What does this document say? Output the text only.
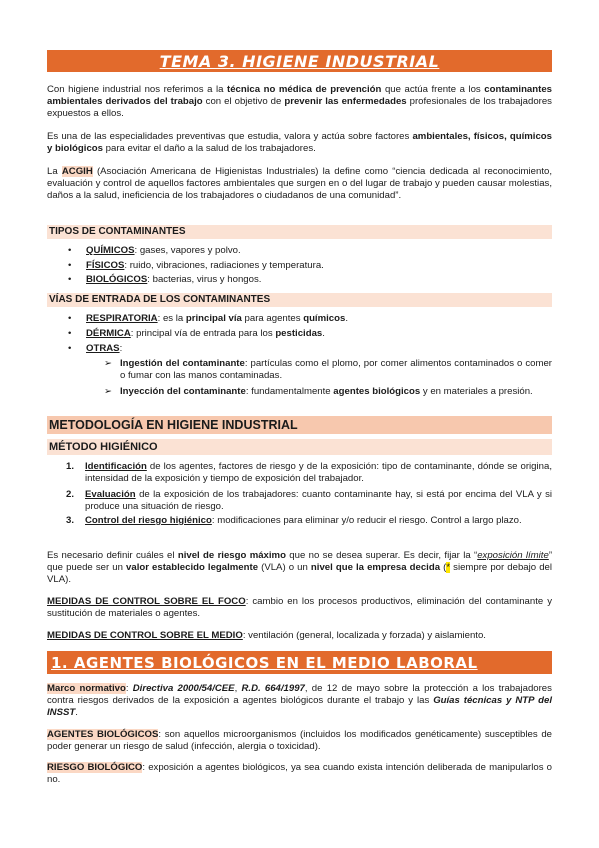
TEMA 3. HIGIENE INDUSTRIAL

Con higiene industrial nos referimos a la técnica no médica de prevención que actúa frente a los contaminantes ambientales derivados del trabajo con el objetivo de prevenir las enfermedades profesionales de los trabajadores expuestos a ellos.

Es una de las especialidades preventivas que estudia, valora y actúa sobre factores ambientales, físicos, químicos y biológicos para evitar el daño a la salud de los trabajadores.

La ACGIH (Asociación Americana de Higienistas Industriales) la define como “ciencia dedicada al reconocimiento, evaluación y control de aquellos factores ambientales que surgen en o del lugar de trabajo y pueden causar molestias, daños a la salud, ineficiencia de los trabajadores o ciudadanos de una comunidad”.

TIPOS DE CONTAMINANTES
• QUÍMICOS: gases, vapores y polvo.
• FÍSICOS: ruido, vibraciones, radiaciones y temperatura.
• BIOLÓGICOS: bacterias, virus y hongos.
VÍAS DE ENTRADA DE LOS CONTAMINANTES
• RESPIRATORIA: es la principal vía para agentes químicos.
• DÉRMICA: principal vía de entrada para los pesticidas.
• OTRAS:
➢ Ingestión del contaminante: partículas como el plomo, por comer alimentos contaminados o comer o fumar con las manos contaminadas.
➢ Inyección del contaminante: fundamentalmente agentes biológicos y en materiales a presión.
METODOLOGÍA EN HIGIENE INDUSTRIAL
MÉTODO HIGIÉNICO
1. Identificación de los agentes, factores de riesgo y de la exposición: tipo de contaminante, dónde se origina, intensidad de la exposición y tiempo de exposición del trabajador.
2. Evaluación de la exposición de los trabajadores: cuanto contaminante hay, si está por encima del VLA y si produce una situación de riesgo.
3. Control del riesgo higiénico: modificaciones para eliminar y/o reducir el riesgo. Control a largo plazo.

Es necesario definir cuáles el nivel de riesgo máximo que no se desea superar. Es decir, fijar la “exposición límite” que puede ser un valor establecido legalmente (VLA) o un nivel que la empresa decida (* siempre por debajo del VLA).

MEDIDAS DE CONTROL SOBRE EL FOCO: cambio en los procesos productivos, eliminación del contaminante y sustitución de materiales o agentes.

MEDIDAS DE CONTROL SOBRE EL MEDIO: ventilación (general, localizada y forzada) y aislamiento.

1. AGENTES BIOLÓGICOS EN EL MEDIO LABORAL

Marco normativo: Directiva 2000/54/CEE, R.D. 664/1997, de 12 de mayo sobre la protección a los trabajadores contra riesgos derivados de la exposición a agentes biológicos durante el trabajo y las Guías técnicas y NTP del INSST.

AGENTES BIOLÓGICOS: son aquellos microorganismos (incluidos los modificados genéticamente) susceptibles de poder generar un riesgo de salud (infección, alergia o toxicidad).

RIESGO BIOLÓGICO: exposición a agentes biológicos, ya sea cuando exista intención deliberada de manipularlos o no.
